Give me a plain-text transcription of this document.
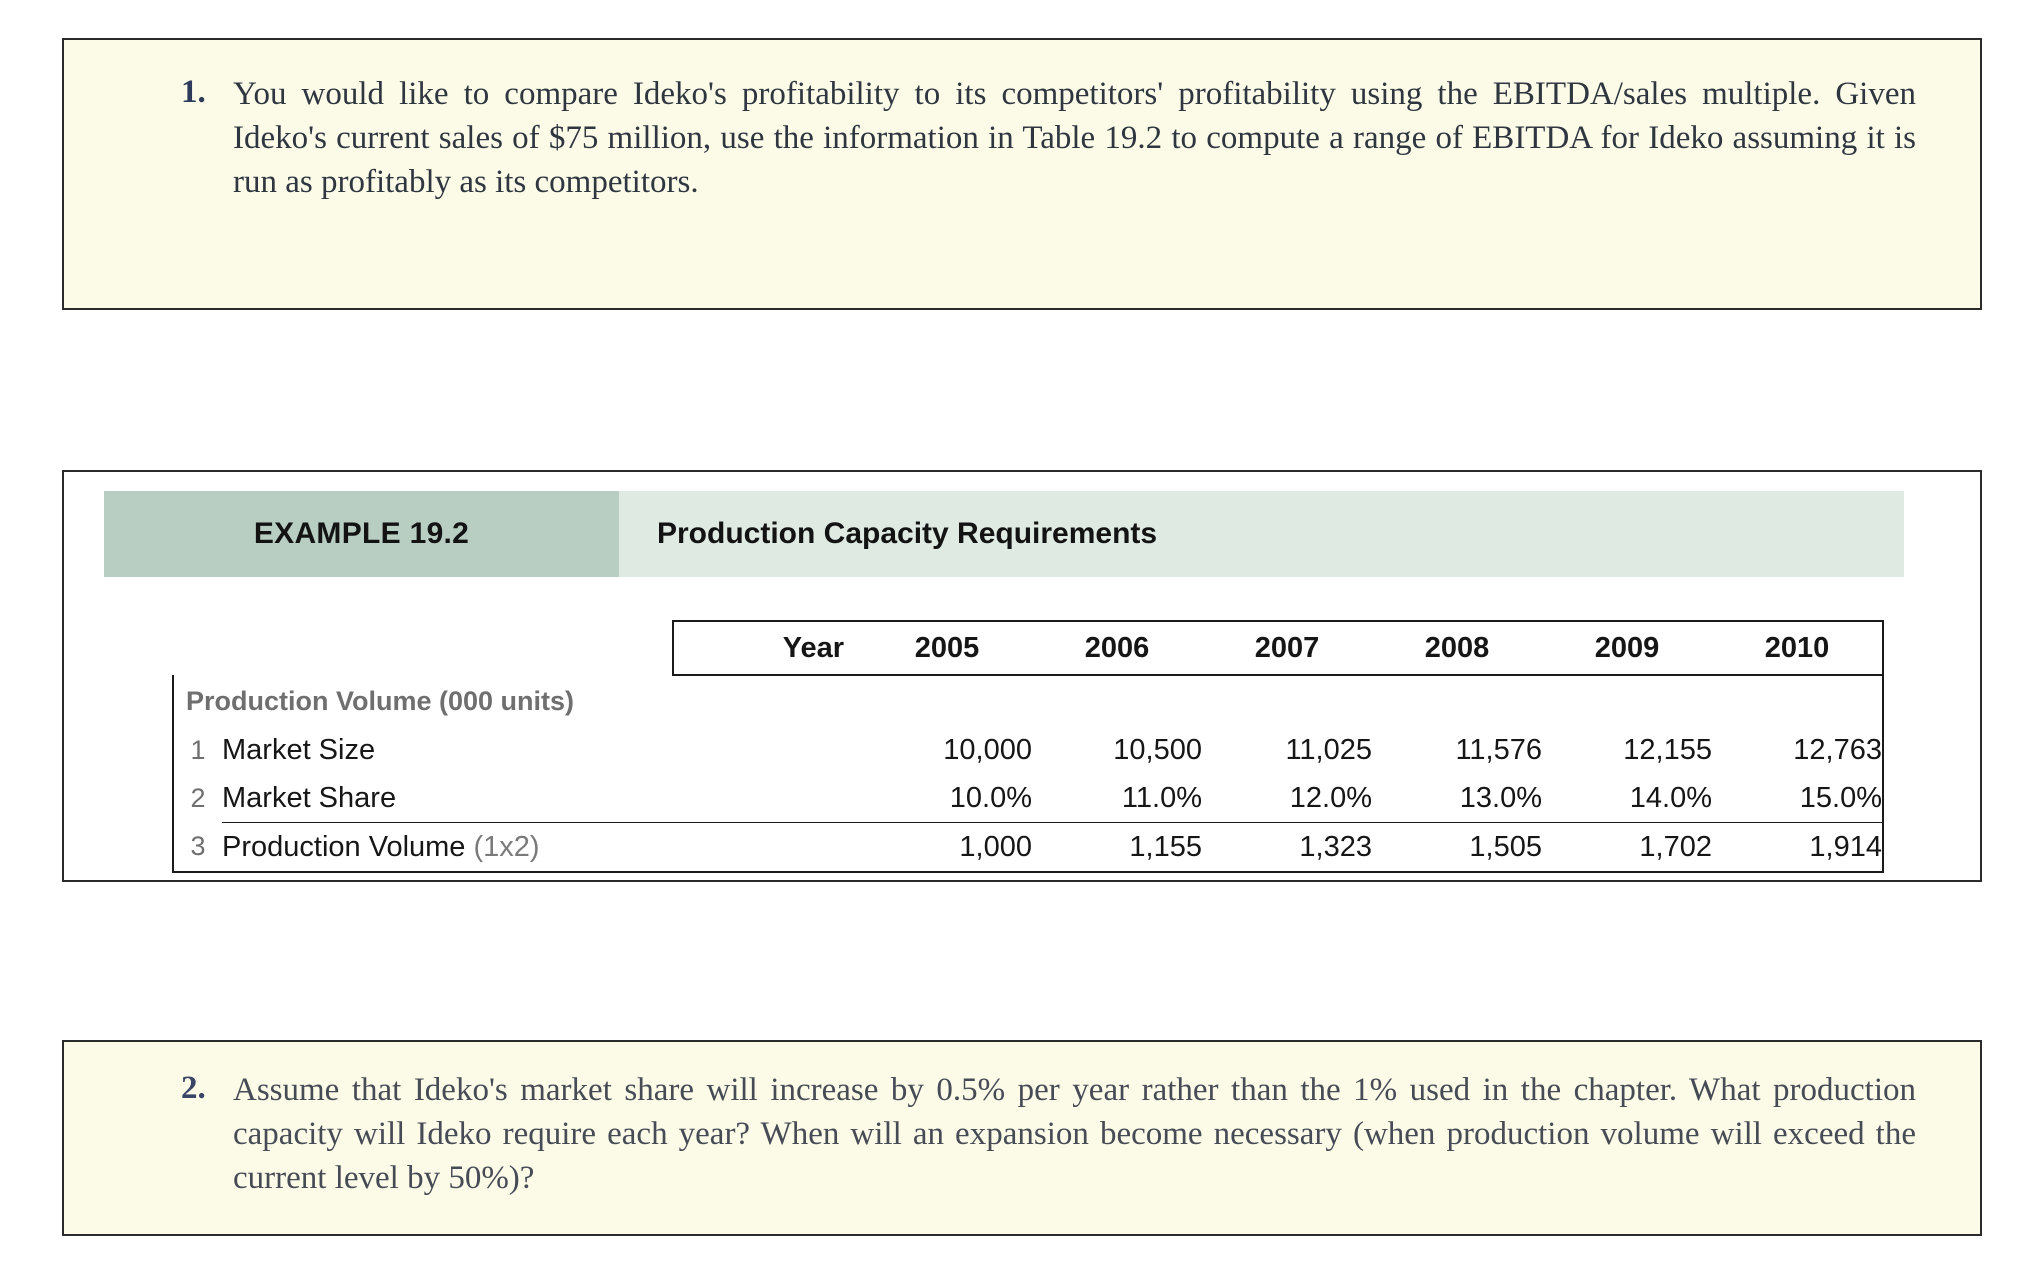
1. You would like to compare Ideko's profitability to its competitors' profitability using the EBITDA/sales multiple. Given Ideko's current sales of $75 million, use the information in Table 19.2 to compute a range of EBITDA for Ideko assuming it is run as profitably as its competitors.
EXAMPLE 19.2	Production Capacity Requirements
		Year	2005	2006	2007	2008	2009	2010
Production Volume (000 units)								
1	Market Size		10,000	10,500	11,025	11,576	12,155	12,763
2	Market Share		10.0%	11.0%	12.0%	13.0%	14.0%	15.0%
3	Production Volume (1x2)		1,000	1,155	1,323	1,505	1,702	1,914
2. Assume that Ideko's market share will increase by 0.5% per year rather than the 1% used in the chapter. What production capacity will Ideko require each year? When will an expansion become necessary (when production volume will exceed the current level by 50%)?
